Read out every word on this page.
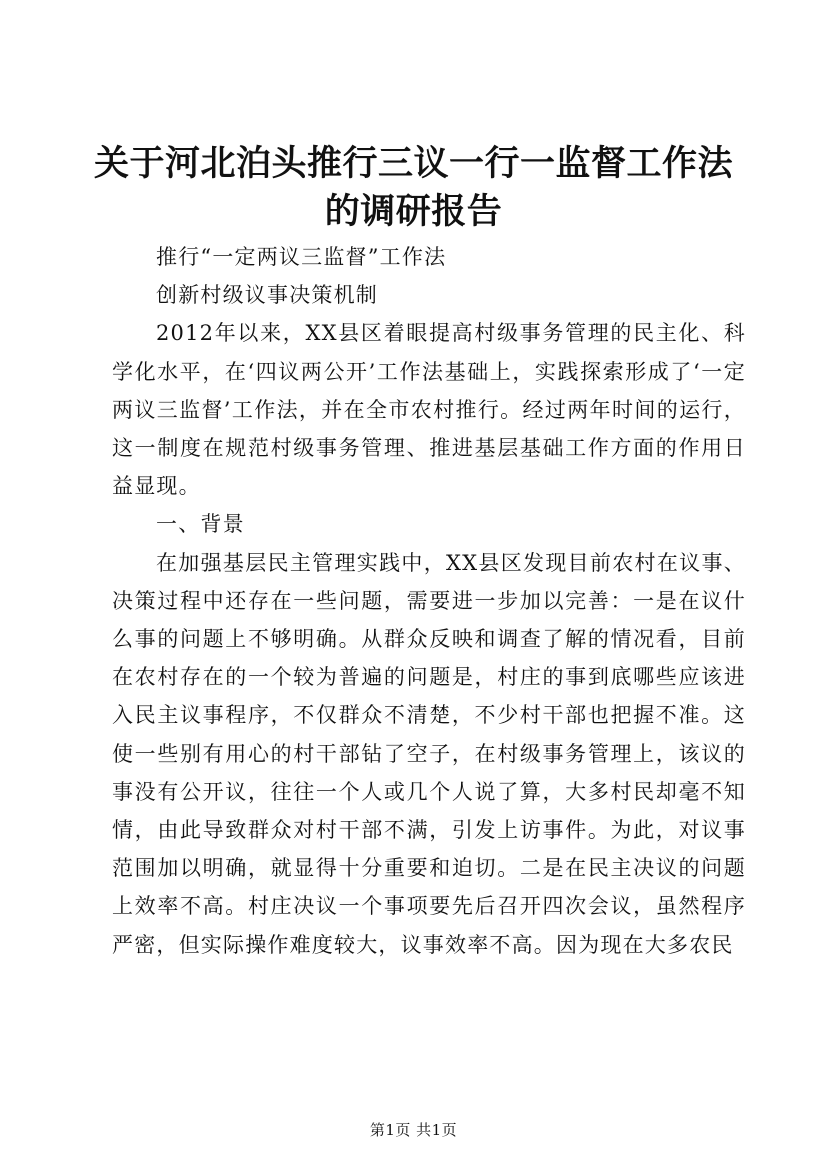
关于河北泊头推行三议一行一监督工作法的调研报告

推行“一定两议三监督”工作法

创新村级议事决策机制

2012年以来，XX县区着眼提高村级事务管理的民主化、科学化水平，在‘四议两公开’工作法基础上，实践探索形成了‘一定两议三监督’工作法，并在全市农村推行。经过两年时间的运行，这一制度在规范村级事务管理、推进基层基础工作方面的作用日益显现。

一、背景

在加强基层民主管理实践中，XX县区发现目前农村在议事、决策过程中还存在一些问题，需要进一步加以完善：一是在议什么事的问题上不够明确。从群众反映和调查了解的情况看，目前在农村存在的一个较为普遍的问题是，村庄的事到底哪些应该进入民主议事程序，不仅群众不清楚，不少村干部也把握不准。这使一些别有用心的村干部钻了空子，在村级事务管理上，该议的事没有公开议，往往一个人或几个人说了算，大多村民却毫不知情，由此导致群众对村干部不满，引发上访事件。为此，对议事范围加以明确，就显得十分重要和迫切。二是在民主决议的问题上效率不高。村庄决议一个事项要先后召开四次会议，虽然程序严密，但实际操作难度较大，议事效率不高。因为现在大多农民

第1页 共1页
